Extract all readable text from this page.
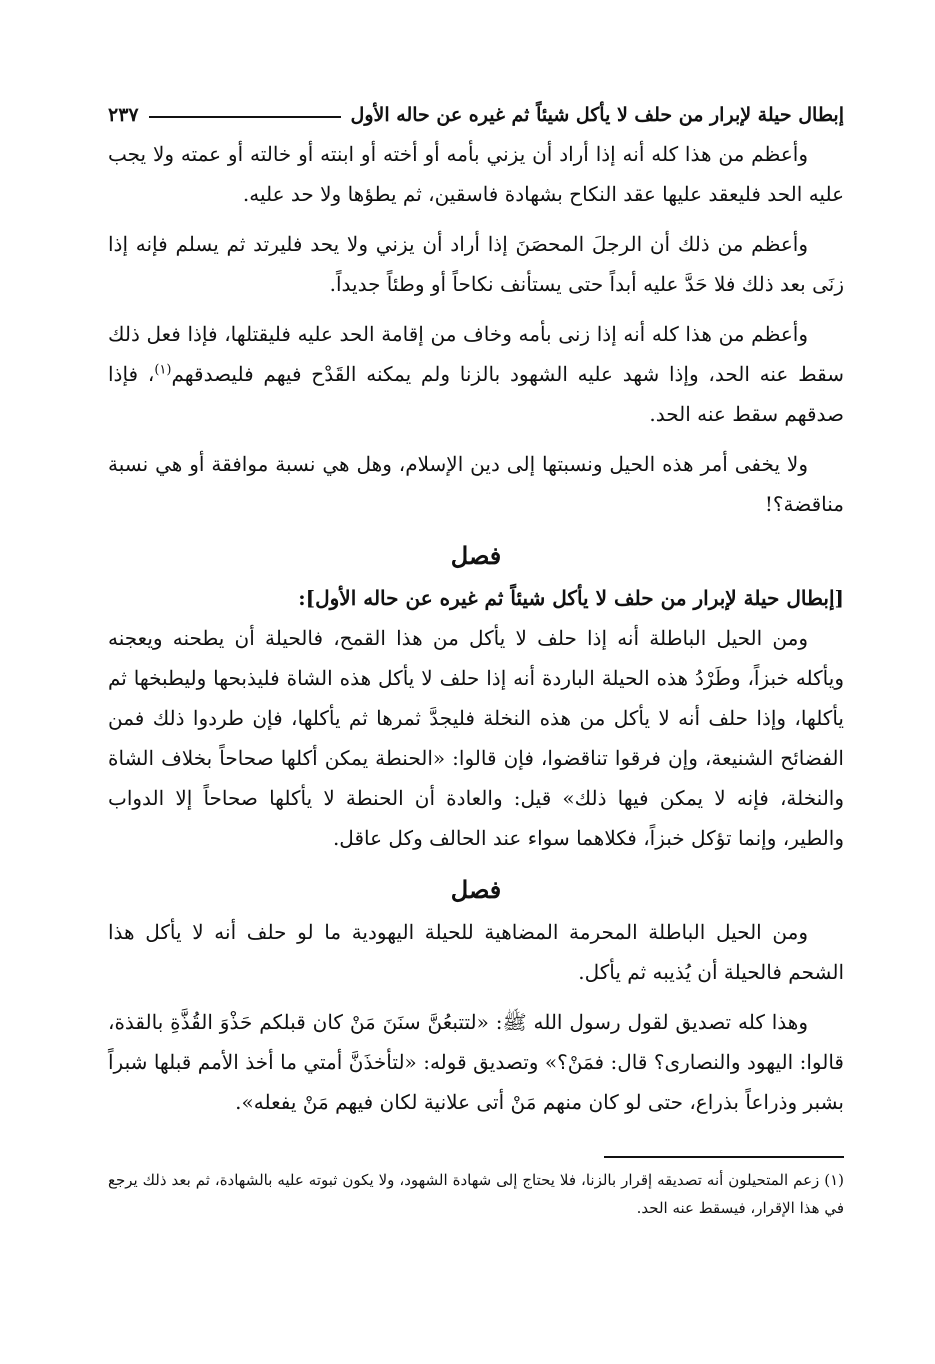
إبطال حيلة لإبرار من حلف لا يأكل شيئاً ثم غيره عن حاله الأول
٢٣٧

وأعظم من هذا كله أنه إذا أراد أن يزني بأمه أو أخته أو ابنته أو خالته أو عمته ولا يجب عليه الحد فليعقد عليها عقد النكاح بشهادة فاسقين، ثم يطؤها ولا حد عليه.

وأعظم من ذلك أن الرجلَ المحصَنَ إذا أراد أن يزني ولا يحد فليرتد ثم يسلم فإنه إذا زنَى بعد ذلك فلا حَدَّ عليه أبداً حتى يستأنف نكاحاً أو وطئاً جديداً.

وأعظم من هذا كله أنه إذا زنى بأمه وخاف من إقامة الحد عليه فليقتلها، فإذا فعل ذلك سقط عنه الحد، وإذا شهد عليه الشهود بالزنا ولم يمكنه القَدْح فيهم فليصدقهم$^{(١)}$، فإذا صدقهم سقط عنه الحد.

ولا يخفى أمر هذه الحيل ونسبتها إلى دين الإسلام، وهل هي نسبة موافقة أو هي نسبة مناقضة؟!

فصل

[إبطال حيلة لإبرار من حلف لا يأكل شيئاً ثم غيره عن حاله الأول]:

ومن الحيل الباطلة أنه إذا حلف لا يأكل من هذا القمح، فالحيلة أن يطحنه ويعجنه ويأكله خبزاً، وطَرْدُ هذه الحيلة الباردة أنه إذا حلف لا يأكل هذه الشاة فليذبحها وليطبخها ثم يأكلها، وإذا حلف أنه لا يأكل من هذه النخلة فليجدَّ ثمرها ثم يأكلها، فإن طردوا ذلك فمن الفضائح الشنيعة، وإن فرقوا تناقضوا، فإن قالوا: «الحنطة يمكن أكلها صحاحاً بخلاف الشاة والنخلة، فإنه لا يمكن فيها ذلك» قيل: والعادة أن الحنطة لا يأكلها صحاحاً إلا الدواب والطير، وإنما تؤكل خبزاً، فكلاهما سواء عند الحالف وكل عاقل.

فصل

ومن الحيل الباطلة المحرمة المضاهية للحيلة اليهودية ما لو حلف أنه لا يأكل هذا الشحم فالحيلة أن يُذيبه ثم يأكل.

وهذا كله تصديق لقول رسول الله ﷺ: «لتتبعُنَّ سنَنَ مَنْ كان قبلكم حَذْوَ القُذَّةِ بالقذة، قالوا: اليهود والنصارى؟ قال: فمَنْ؟» وتصديق قوله: «لتأخذَنَّ أمتي ما أخذ الأمم قبلها شبراً بشبر وذراعاً بذراع، حتى لو كان منهم مَنْ أتى علانية لكان فيهم مَنْ يفعله».

(١) زعم المتحيلون أنه تصديقه إقرار بالزنا، فلا يحتاج إلى شهادة الشهود، ولا يكون ثبوته عليه بالشهادة، ثم بعد ذلك يرجع في هذا الإقرار، فيسقط عنه الحد.
